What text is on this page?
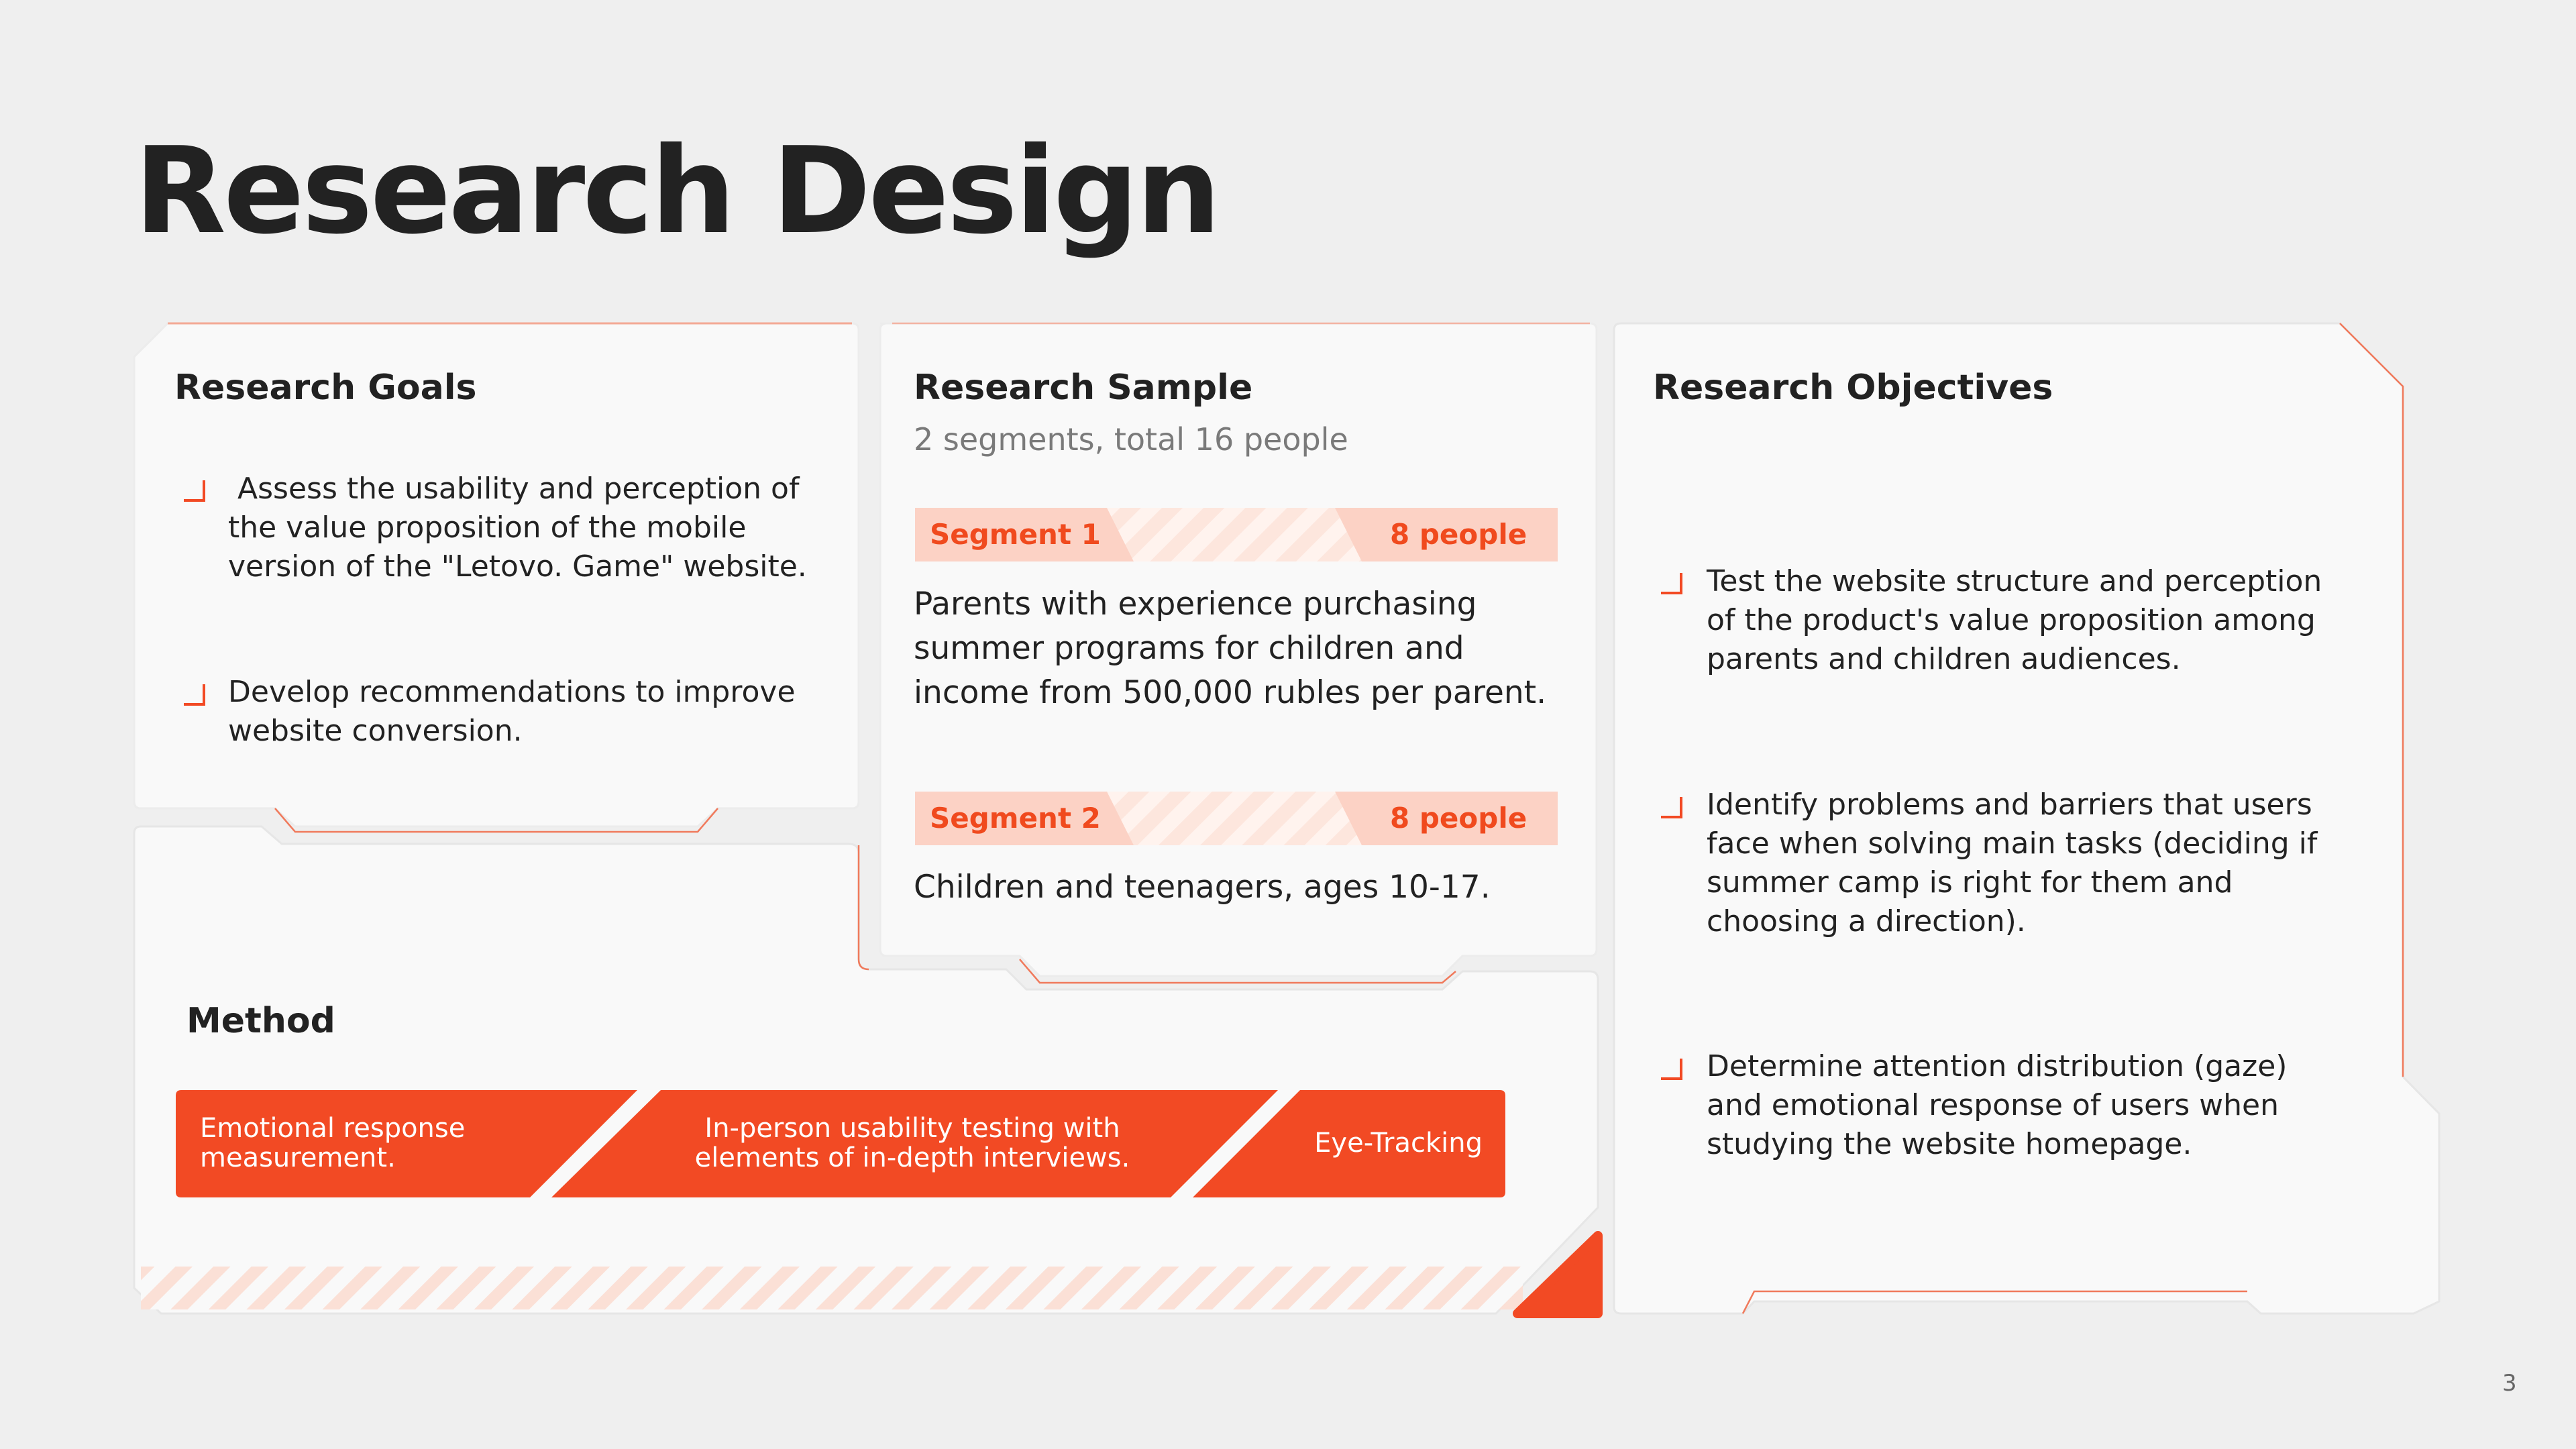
Research Design
Research Goals
Assess the usability and perception of the value proposition of the mobile version of the "Letovo. Game" website.
Develop recommendations to improve website conversion.
Research Sample
2 segments, total 16 people
Segment 1	8 people
Parents with experience purchasing summer programs for children and income from 500,000 rubles per parent.
Segment 2	8 people
Children and teenagers, ages 10-17.
Research Objectives
Test the website structure and perception of the product's value proposition among parents and children audiences.
Identify problems and barriers that users face when solving main tasks (deciding if summer camp is right for them and choosing a direction).
Determine attention distribution (gaze) and emotional response of users when studying the website homepage.
Method
Emotional response measurement.
In-person usability testing with elements of in-depth interviews.	Eye-Tracking
3
